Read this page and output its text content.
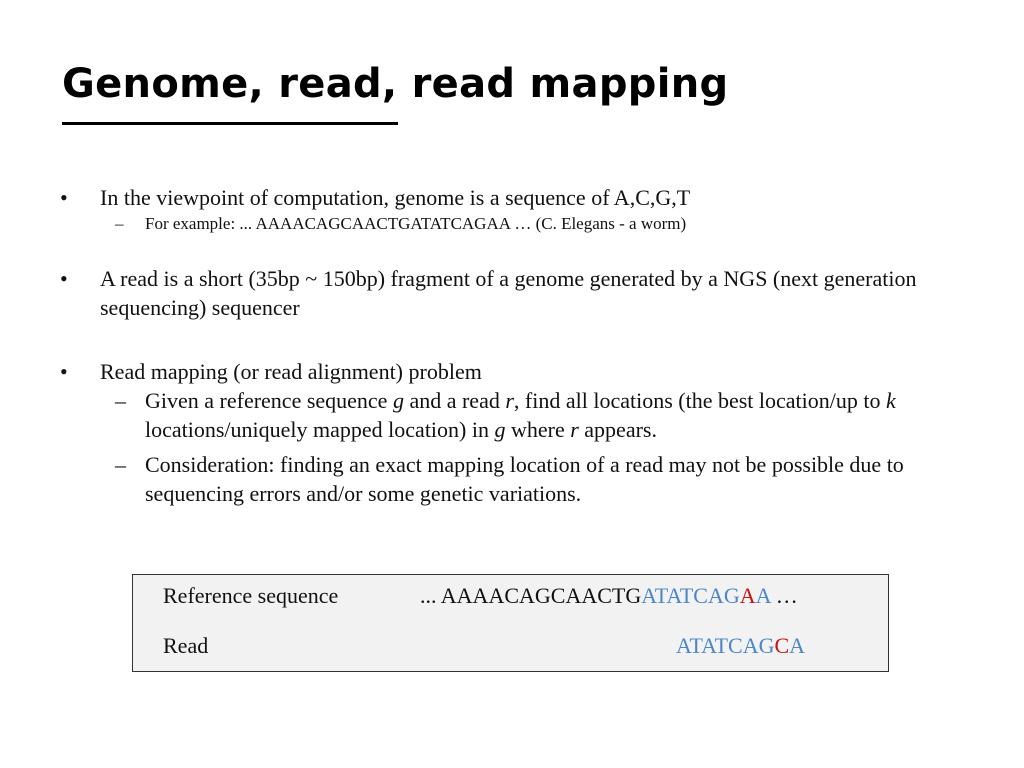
Genome, read, read mapping
•	In the viewpoint of computation, genome is a sequence of A,C,G,T
– For example: ... AAAACAGCAACTGATATCAGAA … (C. Elegans - a worm)
•	A read is a short (35bp ~ 150bp) fragment of a genome generated by a NGS (next generation sequencing) sequencer
•	Read mapping (or read alignment) problem
– Given a reference sequence g and a read r, find all locations (the best location/up to k locations/uniquely mapped location) in g where r appears.
– Consideration: finding an exact mapping location of a read may not be possible due to sequencing errors and/or some genetic variations.
Reference sequence	... AAAACAGCAACTGATATCAGAA …
Read	ATATCAGCA
